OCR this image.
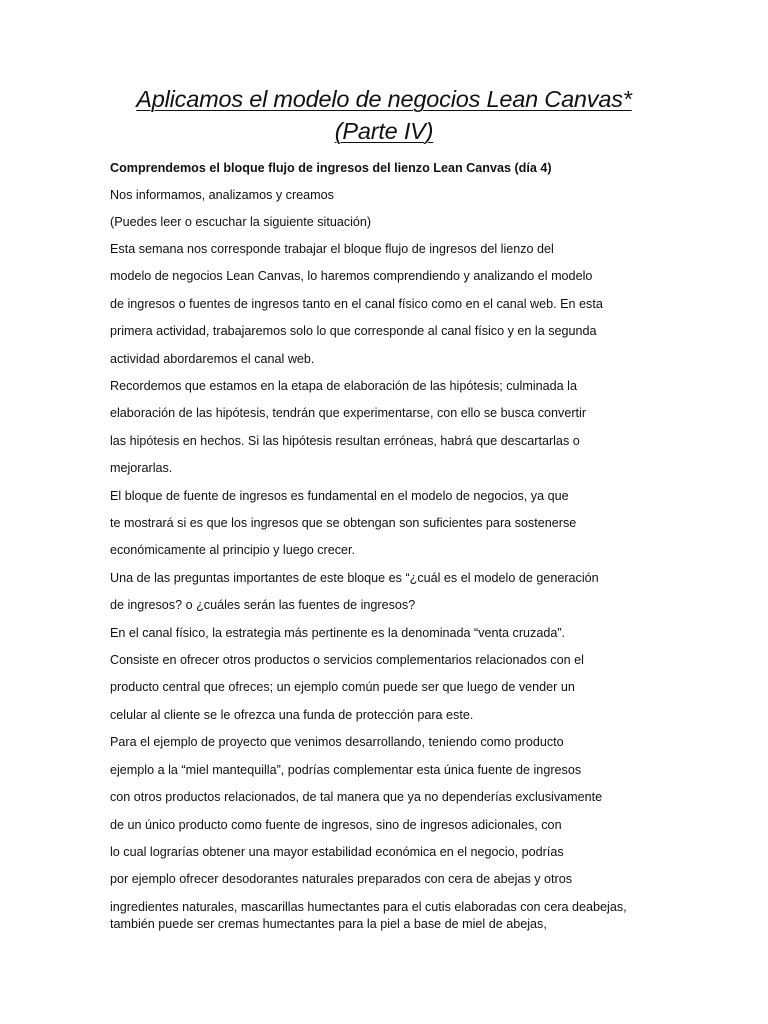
Aplicamos el modelo de negocios Lean Canvas*
(Parte IV)
Comprendemos el bloque flujo de ingresos del lienzo Lean Canvas (día 4)
Nos informamos, analizamos y creamos
(Puedes leer o escuchar la siguiente situación)
Esta semana nos corresponde trabajar el bloque flujo de ingresos del lienzo del
modelo de negocios Lean Canvas, lo haremos comprendiendo y analizando el modelo
de ingresos o fuentes de ingresos tanto en el canal físico como en el canal web. En esta
primera actividad, trabajaremos solo lo que corresponde al canal físico y en la segunda
actividad abordaremos el canal web.
Recordemos que estamos en la etapa de elaboración de las hipótesis; culminada la
elaboración de las hipótesis, tendrán que experimentarse, con ello se busca convertir
las hipótesis en hechos. Si las hipótesis resultan erróneas, habrá que descartarlas o
mejorarlas.
El bloque de fuente de ingresos es fundamental en el modelo de negocios, ya que
te mostrará si es que los ingresos que se obtengan son suficientes para sostenerse
económicamente al principio y luego crecer.
Una de las preguntas importantes de este bloque es “¿cuál es el modelo de generación
de ingresos? o ¿cuáles serán las fuentes de ingresos?
En el canal físico, la estrategia más pertinente es la denominada “venta cruzada”.
Consiste en ofrecer otros productos o servicios complementarios relacionados con el
producto central que ofreces; un ejemplo común puede ser que luego de vender un
celular al cliente se le ofrezca una funda de protección para este.
Para el ejemplo de proyecto que venimos desarrollando, teniendo como producto
ejemplo a la “miel mantequilla”, podrías complementar esta única fuente de ingresos
con otros productos relacionados, de tal manera que ya no dependerías exclusivamente
de un único producto como fuente de ingresos, sino de ingresos adicionales, con
lo cual lograrías obtener una mayor estabilidad económica en el negocio, podrías
por ejemplo ofrecer desodorantes naturales preparados con cera de abejas y otros
ingredientes naturales, mascarillas humectantes para el cutis elaboradas con cera deabejas,
también puede ser cremas humectantes para la piel a base de miel de abejas,
